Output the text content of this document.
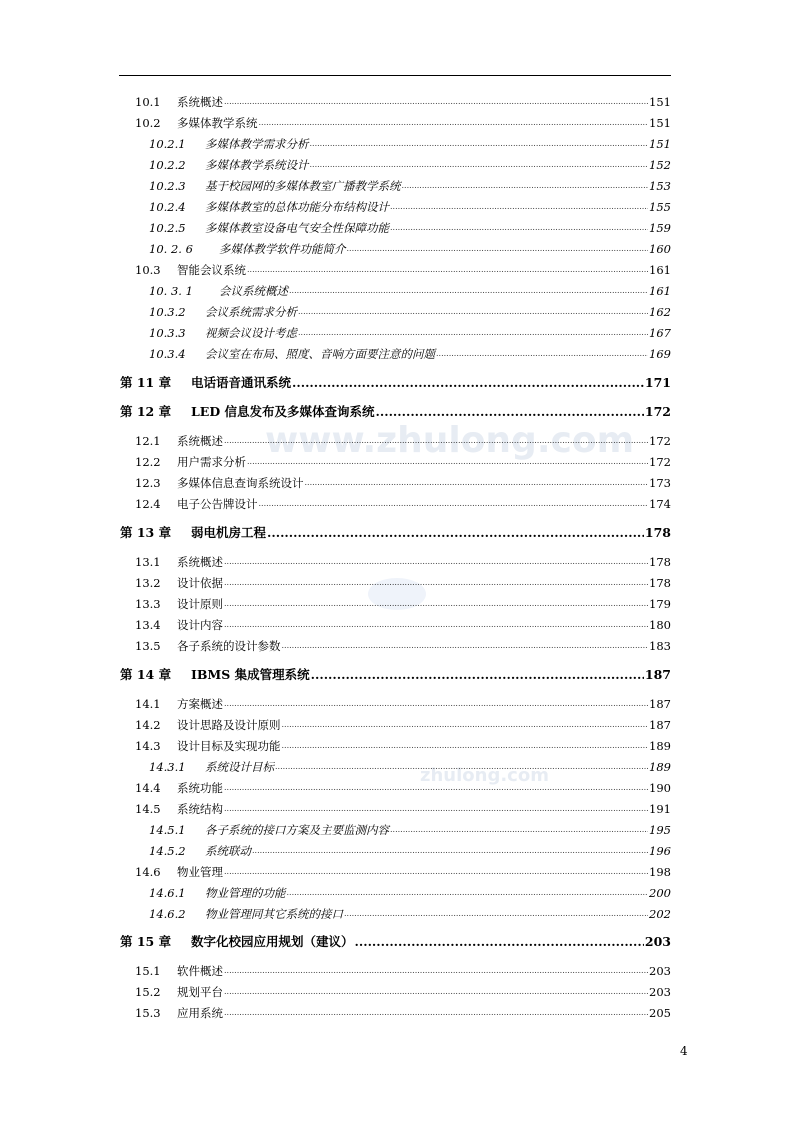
www.zhulong.com
zhulong.com
10.1	系统概述 .....	151
10.2	多媒体教学系统 .....	151
10.2.1	多媒体教学需求分析 .....	151
10.2.2	多媒体教学系统设计 .....	152
10.2.3	基于校园网的多媒体教室广播教学系统 .....	153
10.2.4	多媒体教室的总体功能分布结构设计 .....	155
10.2.5	多媒体教室设备电气安全性保障功能 .....	159
10. 2. 6	多媒体教学软件功能简介 .....	160
10.3	智能会议系统 .....	161
10. 3. 1	会议系统概述 .....	161
10.3.2	会议系统需求分析 .....	162
10.3.3	视频会议设计考虑 .....	167
10.3.4	会议室在布局、照度、音响方面要注意的问题 .....	169
第 11 章	电话语音通讯系统 .....	171
第 12 章	LED 信息发布及多媒体查询系统 .....	172
12.1	系统概述 .....	172
12.2	用户需求分析 .....	172
12.3	多媒体信息查询系统设计 .....	173
12.4	电子公告牌设计 .....	174
第 13 章	弱电机房工程 .....	178
13.1	系统概述 .....	178
13.2	设计依据 .....	178
13.3	设计原则 .....	179
13.4	设计内容 .....	180
13.5	各子系统的设计参数 .....	183
第 14 章	IBMS 集成管理系统 .....	187
14.1	方案概述 .....	187
14.2	设计思路及设计原则 .....	187
14.3	设计目标及实现功能 .....	189
14.3.1	系统设计目标 .....	189
14.4	系统功能 .....	190
14.5	系统结构 .....	191
14.5.1	各子系统的接口方案及主要监测内容 .....	195
14.5.2	系统联动 .....	196
14.6	物业管理 .....	198
14.6.1	物业管理的功能 .....	200
14.6.2	物业管理同其它系统的接口 .....	202
第 15 章	数字化校园应用规划（建议） .....	203
15.1	软件概述 .....	203
15.2	规划平台 .....	203
15.3	应用系统 .....	205
4
